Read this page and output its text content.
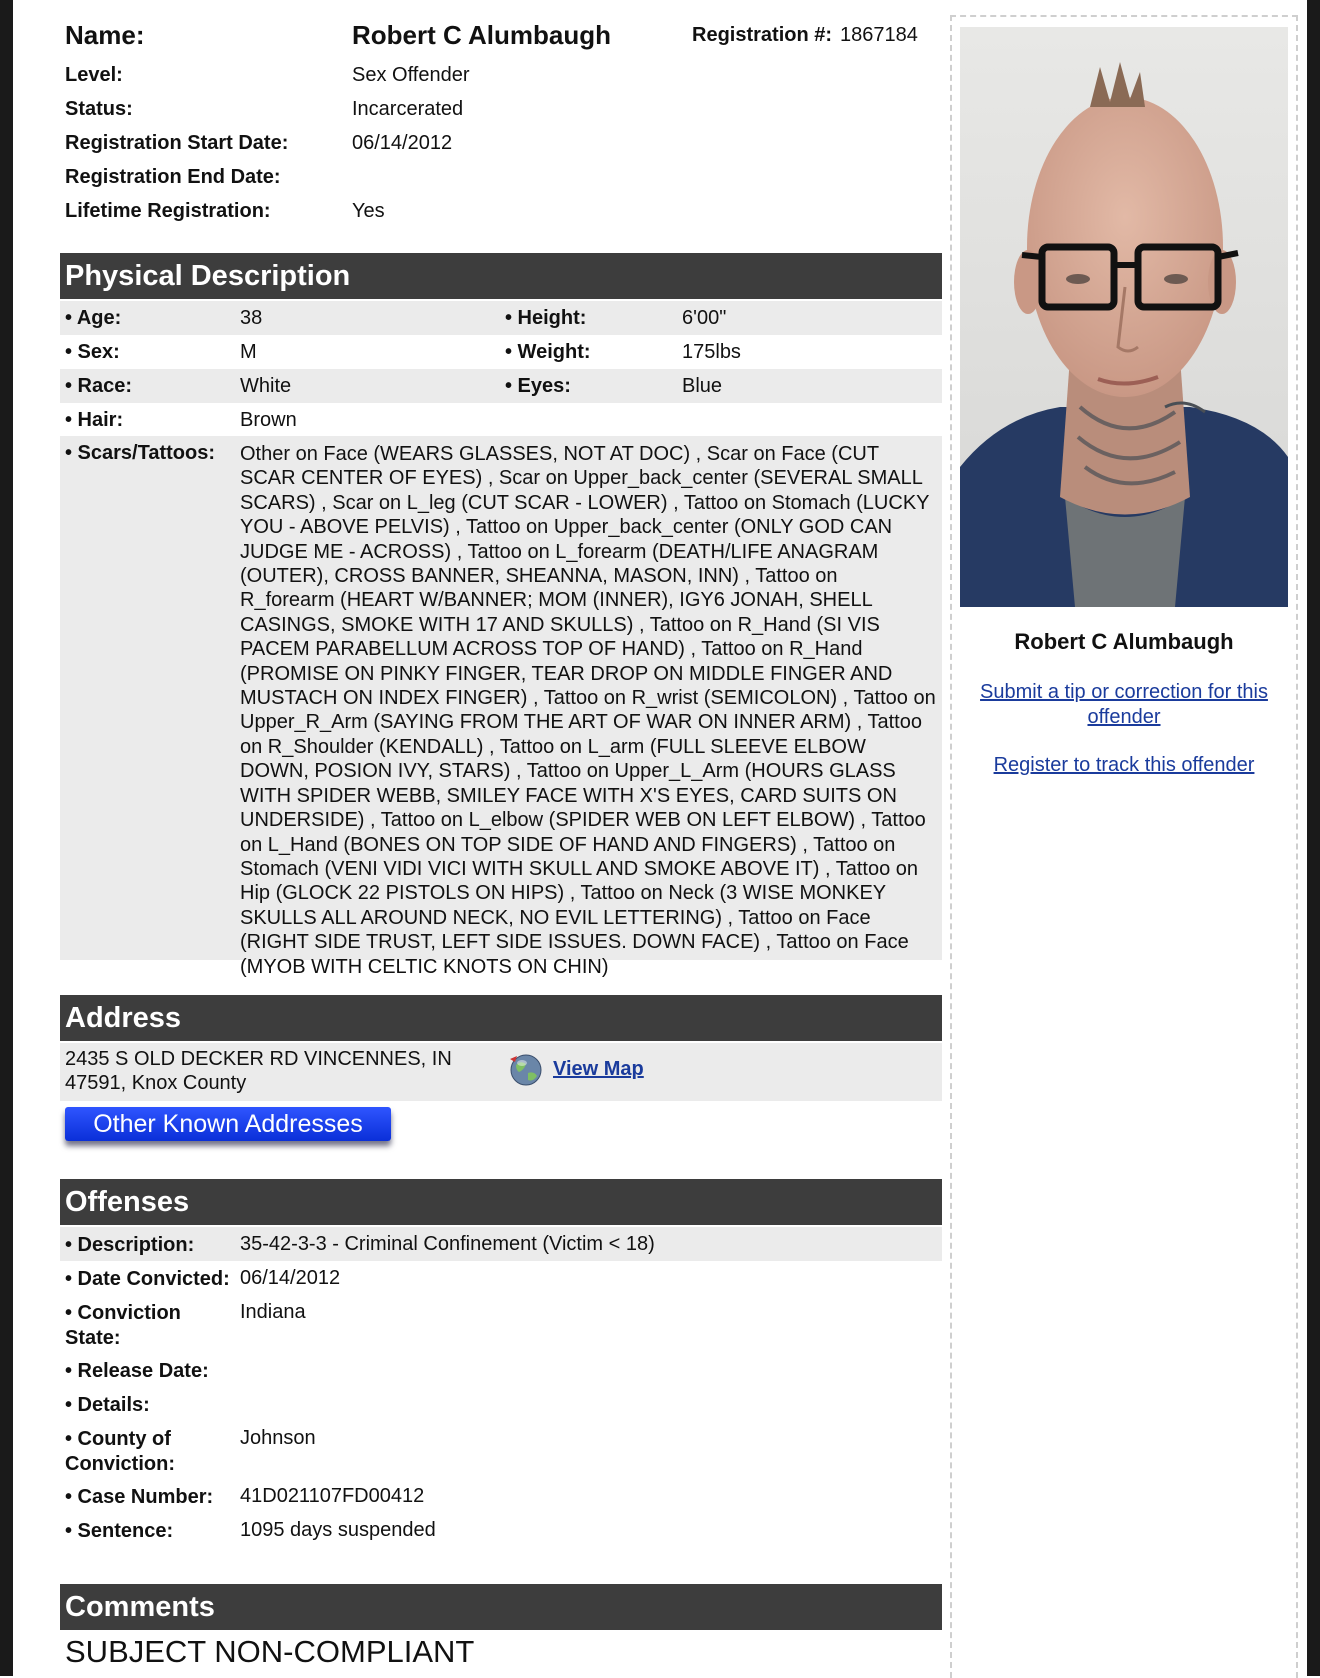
Name:	Robert C Alumbaugh	Registration #: 1867184
Level:	Sex Offender
Status:	Incarcerated
Registration Start Date:	06/14/2012
Registration End Date:
Lifetime Registration:	Yes
Physical Description
• Age:	38	• Height:	6'00"
• Sex:	M	• Weight:	175lbs
• Race:	White	• Eyes:	Blue
• Hair:	Brown
• Scars/Tattoos: Other on Face (WEARS GLASSES, NOT AT DOC) , Scar on Face (CUT SCAR CENTER OF EYES) , Scar on Upper_back_center (SEVERAL SMALL SCARS) , Scar on L_leg (CUT SCAR - LOWER) , Tattoo on Stomach (LUCKY YOU - ABOVE PELVIS) , Tattoo on Upper_back_center (ONLY GOD CAN JUDGE ME - ACROSS) , Tattoo on L_forearm (DEATH/LIFE ANAGRAM (OUTER), CROSS BANNER, SHEANNA, MASON, INN) , Tattoo on R_forearm (HEART W/BANNER; MOM (INNER), IGY6 JONAH, SHELL CASINGS, SMOKE WITH 17 AND SKULLS) , Tattoo on R_Hand (SI VIS PACEM PARABELLUM ACROSS TOP OF HAND) , Tattoo on R_Hand (PROMISE ON PINKY FINGER, TEAR DROP ON MIDDLE FINGER AND MUSTACH ON INDEX FINGER) , Tattoo on R_wrist (SEMICOLON) , Tattoo on Upper_R_Arm (SAYING FROM THE ART OF WAR ON INNER ARM) , Tattoo on R_Shoulder (KENDALL) , Tattoo on L_arm (FULL SLEEVE ELBOW DOWN, POSION IVY, STARS) , Tattoo on Upper_L_Arm (HOURS GLASS WITH SPIDER WEBB, SMILEY FACE WITH X'S EYES, CARD SUITS ON UNDERSIDE) , Tattoo on L_elbow (SPIDER WEB ON LEFT ELBOW) , Tattoo on L_Hand (BONES ON TOP SIDE OF HAND AND FINGERS) , Tattoo on Stomach (VENI VIDI VICI WITH SKULL AND SMOKE ABOVE IT) , Tattoo on Hip (GLOCK 22 PISTOLS ON HIPS) , Tattoo on Neck (3 WISE MONKEY SKULLS ALL AROUND NECK, NO EVIL LETTERING) , Tattoo on Face (RIGHT SIDE TRUST, LEFT SIDE ISSUES. DOWN FACE) , Tattoo on Face (MYOB WITH CELTIC KNOTS ON CHIN)
Address
2435 S OLD DECKER RD VINCENNES, IN 47591, Knox County
View Map
Other Known Addresses
Offenses
• Description:	35-42-3-3 - Criminal Confinement (Victim < 18)
• Date Convicted: 06/14/2012
• Conviction State:
Indiana
• Release Date:
• Details:
• County of Conviction:
Johnson
• Case Number:	41D021107FD00412
• Sentence:	1095 days suspended
Comments
SUBJECT NON-COMPLIANT
Robert C Alumbaugh
Submit a tip or correction for this offender
Register to track this offender
